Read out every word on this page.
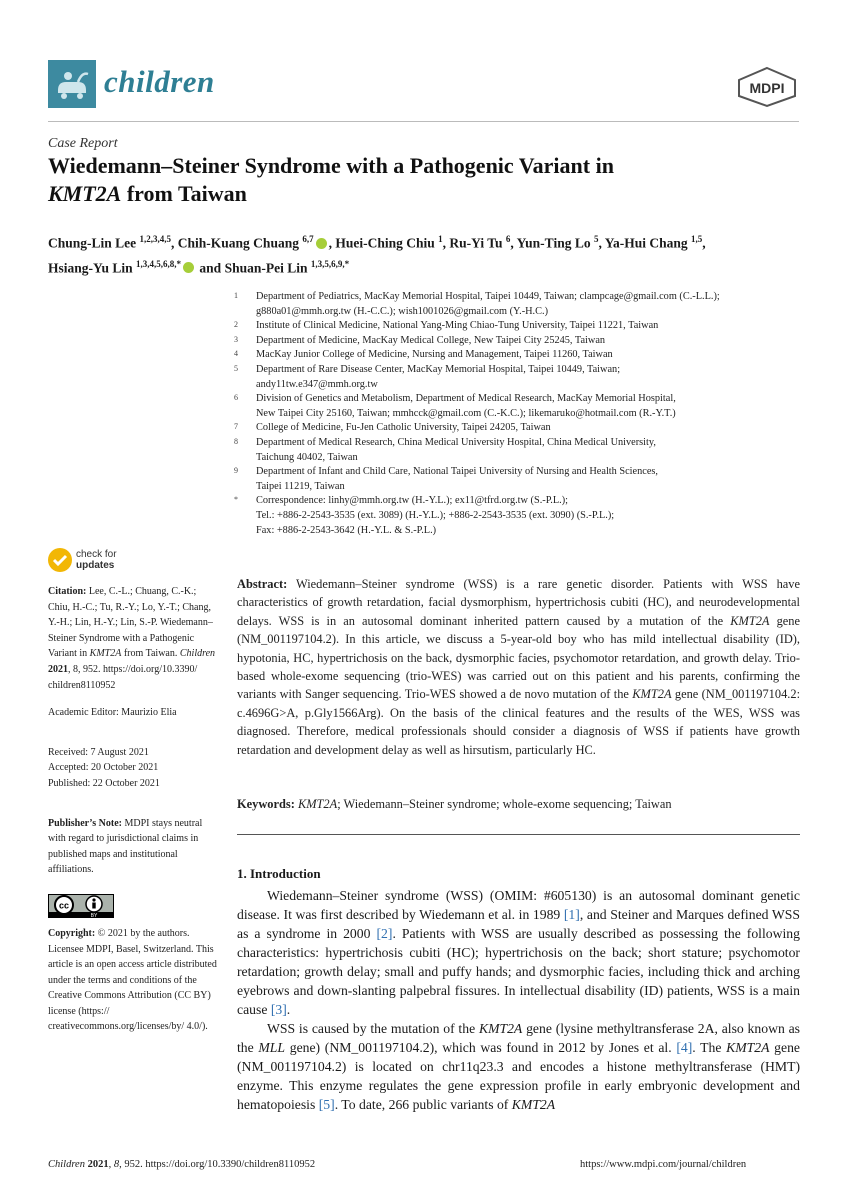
children	MDPI
Case Report
Wiedemann–Steiner Syndrome with a Pathogenic Variant in
KMT2A from Taiwan
Chung-Lin Lee $^{1,2,3,4,5}$, Chih-Kuang Chuang $^{6,7}$ , Huei-Ching Chiu $^1$, Ru-Yi Tu $^6$, Yun-Ting Lo $^5$, Ya-Hui Chang $^{1,5}$,
Hsiang-Yu Lin $^{1,3,4,5,6,8,*}$ and Shuan-Pei Lin $^{1,3,5,6,9,*}$
1	Department of Pediatrics, MacKay Memorial Hospital, Taipei 10449, Taiwan; clampcage@gmail.com (C.-L.L.);
g880a01@mmh.org.tw (H.-C.C.); wish1001026@gmail.com (Y.-H.C.)
2	Institute of Clinical Medicine, National Yang-Ming Chiao-Tung University, Taipei 11221, Taiwan
3	Department of Medicine, MacKay Medical College, New Taipei City 25245, Taiwan
4	MacKay Junior College of Medicine, Nursing and Management, Taipei 11260, Taiwan
5	Department of Rare Disease Center, MacKay Memorial Hospital, Taipei 10449, Taiwan;
andy11tw.e347@mmh.org.tw
6	Division of Genetics and Metabolism, Department of Medical Research, MacKay Memorial Hospital,
New Taipei City 25160, Taiwan; mmhcck@gmail.com (C.-K.C.); likemaruko@hotmail.com (R.-Y.T.)
7	College of Medicine, Fu-Jen Catholic University, Taipei 24205, Taiwan
8	Department of Medical Research, China Medical University Hospital, China Medical University,
Taichung 40402, Taiwan
9	Department of Infant and Child Care, National Taipei University of Nursing and Health Sciences,
Taipei 11219, Taiwan
*	Correspondence: linhy@mmh.org.tw (H.-Y.L.); ex11@tfrd.org.tw (S.-P.L.);
Tel.: +886-2-2543-3535 (ext. 3089) (H.-Y.L.); +886-2-2543-3535 (ext. 3090) (S.-P.L.);
Fax: +886-2-2543-3642 (H.-Y.L. & S.-P.L.)
check for
updates

Citation: Lee, C.-L.; Chuang, C.-K.; Chiu, H.-C.; Tu, R.-Y.; Lo, Y.-T.; Chang, Y.-H.; Lin, H.-Y.; Lin, S.-P. Wiedemann–Steiner Syndrome with a Pathogenic Variant in KMT2A from Taiwan. Children 2021, 8, 952. https://doi.org/10.3390/ children8110952

Academic Editor: Maurizio Elia

Received: 7 August 2021

Accepted: 20 October 2021

Published: 22 October 2021

Publisher’s Note: MDPI stays neutral with regard to jurisdictional claims in published maps and institutional affiliations.

cc
BY

Copyright: © 2021 by the authors. Licensee MDPI, Basel, Switzerland. This article is an open access article distributed under the terms and conditions of the Creative Commons Attribution (CC BY) license (https:// creativecommons.org/licenses/by/ 4.0/).

Abstract: Wiedemann–Steiner syndrome (WSS) is a rare genetic disorder. Patients with WSS have characteristics of growth retardation, facial dysmorphism, hypertrichosis cubiti (HC), and neurodevelopmental delays. WSS is in an autosomal dominant inherited pattern caused by a mutation of the KMT2A gene (NM_001197104.2). In this article, we discuss a 5-year-old boy who has mild intellectual disability (ID), hypotonia, HC, hypertrichosis on the back, dysmorphic facies, psychomotor retardation, and growth delay. Trio-based whole-exome sequencing (trio-WES) was carried out on this patient and his parents, confirming the variants with Sanger sequencing. Trio-WES showed a de novo mutation of the KMT2A gene (NM_001197104.2: c.4696G>A, p.Gly1566Arg). On the basis of the clinical features and the results of the WES, WSS was diagnosed. Therefore, medical professionals should consider a diagnosis of WSS if patients have growth retardation and development delay as well as hirsutism, particularly HC.
Keywords: KMT2A; Wiedemann–Steiner syndrome; whole-exome sequencing; Taiwan
1. Introduction

Wiedemann–Steiner syndrome (WSS) (OMIM: #605130) is an autosomal dominant genetic disease. It was first described by Wiedemann et al. in 1989 [1], and Steiner and Marques defined WSS as a syndrome in 2000 [2]. Patients with WSS are usually described as possessing the following characteristics: hypertrichosis cubiti (HC); hypertrichosis on the back; short stature; psychomotor retardation; growth delay; small and puffy hands; and dysmorphic facies, including thick and arching eyebrows and down-slanting palpebral fissures. In intellectual disability (ID) patients, WSS is a main cause [3].

WSS is caused by the mutation of the KMT2A gene (lysine methyltransferase 2A, also known as the MLL gene) (NM_001197104.2), which was found in 2012 by Jones et al. [4]. The KMT2A gene (NM_001197104.2) is located on chr11q23.3 and encodes a histone methyltransferase (HMT) enzyme. This enzyme regulates the gene expression profile in early embryonic development and hematopoiesis [5]. To date, 266 public variants of KMT2A

Children 2021, 8, 952. https://doi.org/10.3390/children8110952	https://www.mdpi.com/journal/children
